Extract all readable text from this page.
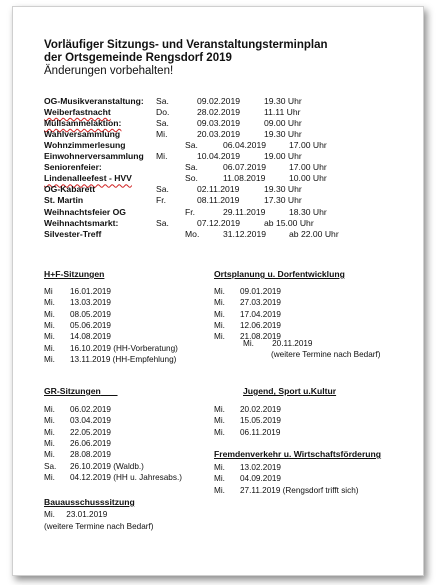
Vorläufiger Sitzungs- und Veranstaltungsterminplan
der Ortsgemeinde Rengsdorf 2019
Änderungen vorbehalten!
OG-Musikveranstaltung: Sa.	09.02.2019	19.30 Uhr
Weiberfastnacht	Do.	28.02.2019	11.11 Uhr
Müllsammelaktion:	Sa.	09.03.2019	09.00 Uhr
Wahlversammlung	Mi.	20.03.2019	19.30 Uhr
Wohnzimmerlesung	Sa.	06.04.2019	17.00 Uhr
Einwohnerversammlung Mi.	10.04.2019	19.00 Uhr
Seniorenfeier:	Sa.	06.07.2019	17.00 Uhr
Lindenalleefest - HVV	So.	11.08.2019	10.00 Uhr
OG-Kabarett	Sa.	02.11.2019	19.30 Uhr
St. Martin	Fr.	08.11.2019	17.30 Uhr
Weihnachtsfeier OG	Fr.	29.11.2019	18.30 Uhr
Weihnachtsmarkt:	Sa.	07.12.2019	ab 15.00 Uhr
Silvester-Treff	Mo.	31.12.2019	ab 22.00 Uhr
H+F-Sitzungen
Mi 16.01.2019
Mi. 13.03.2019
Mi. 08.05.2019
Mi. 05.06.2019
Mi. 14.08.2019
Mi. 16.10.2019 (HH-Vorberatung)
Mi. 13.11.2019 (HH-Empfehlung)
Ortsplanung u. Dorfentwicklung
Mi. 09.01.2019
Mi. 27.03.2019
Mi. 17.04.2019
Mi. 12.06.2019
Mi. 21.08.2019
Mi.        20.11.2019
(weitere Termine nach Bedarf)
GR-Sitzungen
Mi. 06.02.2019
Mi. 03.04.2019
Mi. 22.05.2019
Mi. 26.06.2019
Mi. 28.08.2019
Sa. 26.10.2019 (Waldb.)
Mi. 04.12.2019 (HH u. Jahresabs.)
Jugend, Sport u.Kultur
Mi. 20.02.2019
Mi. 15.05.2019
Mi. 06.11.2019
Fremdenverkehr u. Wirtschaftsförderung
Mi. 13.02.2019
Mi. 04.09.2019
Mi. 27.11.2019 (Rengsdorf trifft sich)
Bauausschusssitzung
Mi.     23.01.2019
(weitere Termine nach Bedarf)
